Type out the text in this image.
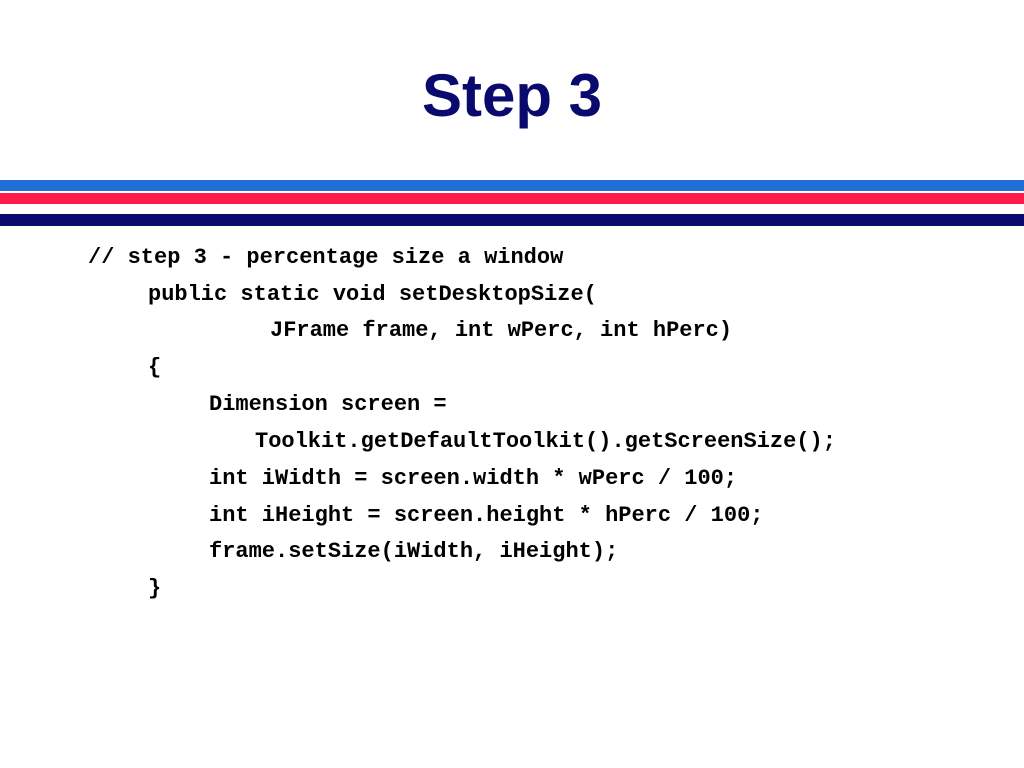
Step 3
// step 3 - percentage size a window
public static void setDesktopSize(
JFrame frame, int wPerc, int hPerc)
{
Dimension screen =
Toolkit.getDefaultToolkit().getScreenSize();
int iWidth = screen.width * wPerc / 100;
int iHeight = screen.height * hPerc / 100;
frame.setSize(iWidth, iHeight);
}
